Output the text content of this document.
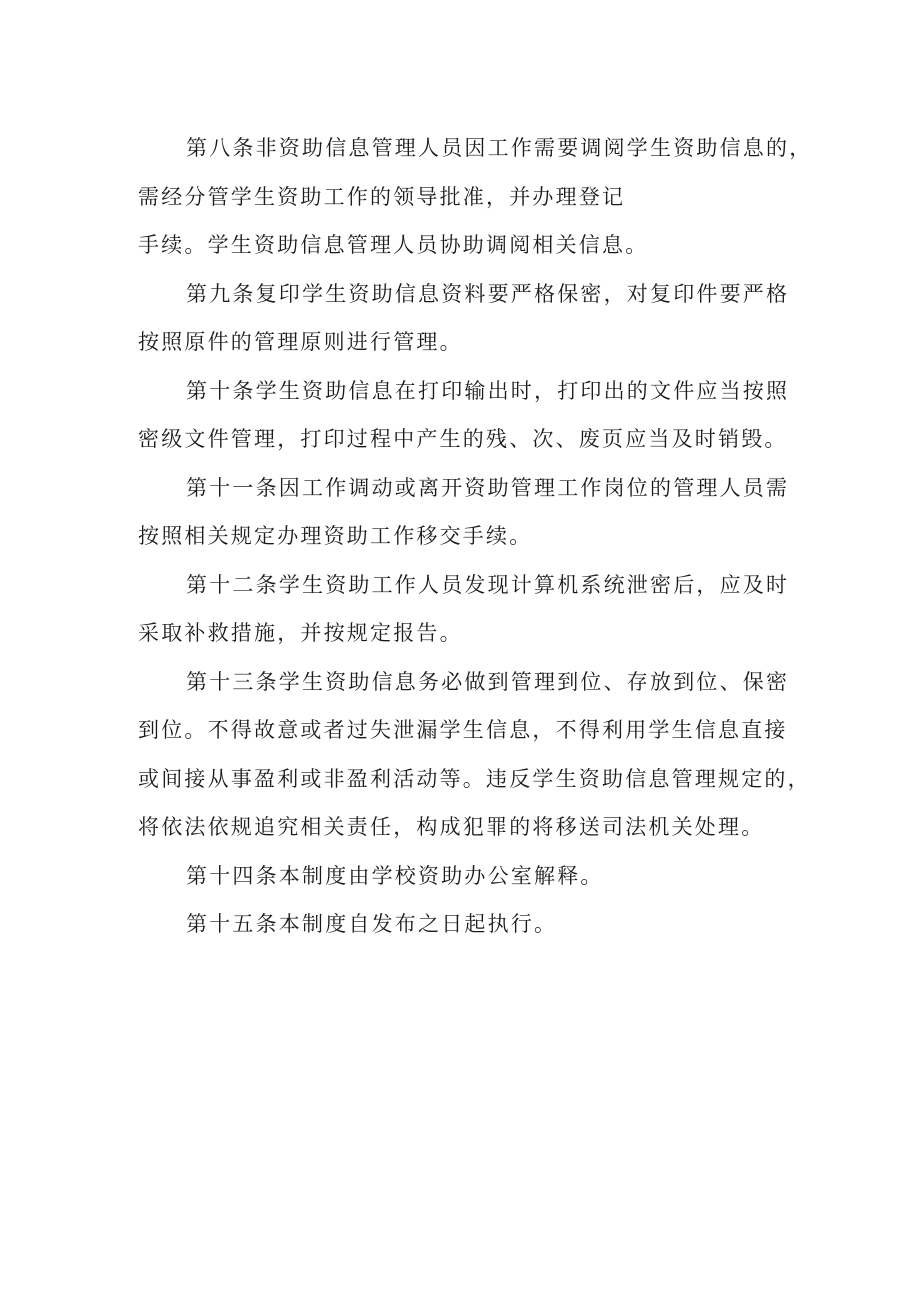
第八条非资助信息管理人员因工作需要调阅学生资助信息的，
需经分管学生资助工作的领导批准，并办理登记
手续。学生资助信息管理人员协助调阅相关信息。
第九条复印学生资助信息资料要严格保密，对复印件要严格
按照原件的管理原则进行管理。
第十条学生资助信息在打印输出时，打印出的文件应当按照
密级文件管理，打印过程中产生的残、次、废页应当及时销毁。
第十一条因工作调动或离开资助管理工作岗位的管理人员需
按照相关规定办理资助工作移交手续。
第十二条学生资助工作人员发现计算机系统泄密后，应及时
采取补救措施，并按规定报告。
第十三条学生资助信息务必做到管理到位、存放到位、保密
到位。不得故意或者过失泄漏学生信息，不得利用学生信息直接
或间接从事盈利或非盈利活动等。违反学生资助信息管理规定的，
将依法依规追究相关责任，构成犯罪的将移送司法机关处理。
第十四条本制度由学校资助办公室解释。
第十五条本制度自发布之日起执行。
